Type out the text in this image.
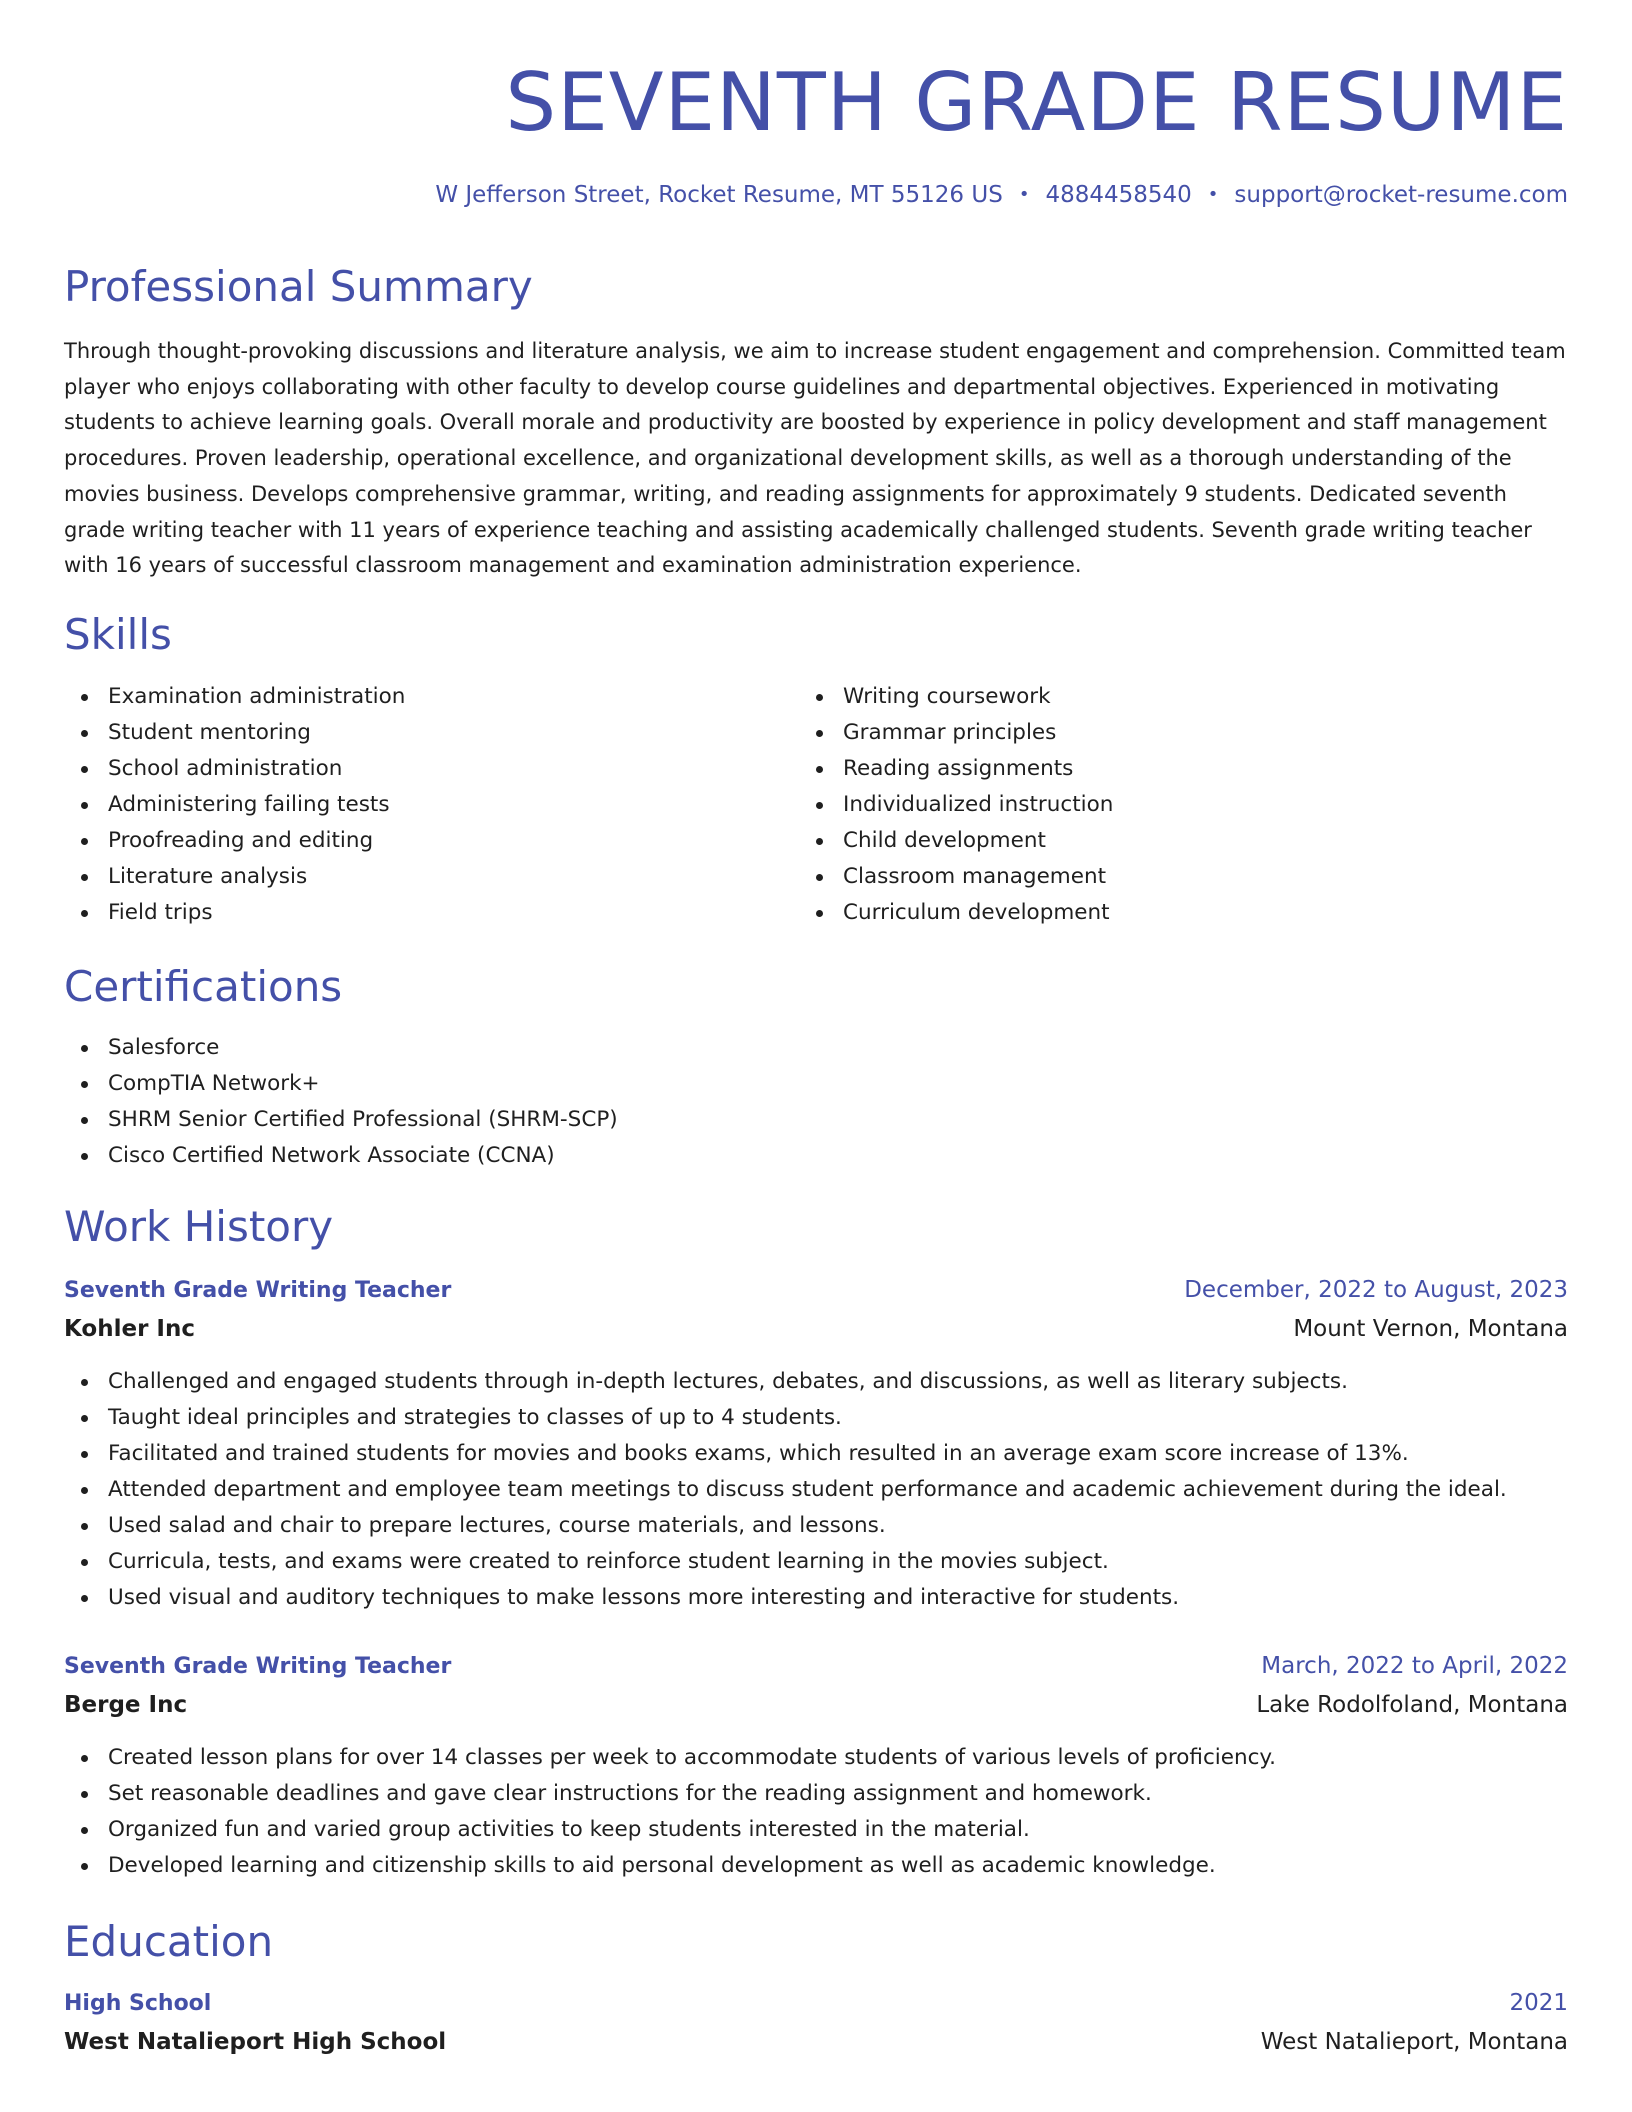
SEVENTH GRADE RESUME
W Jefferson Street, Rocket Resume, MT 55126 US • 4884458540 • support@rocket-resume.com
Professional Summary

Through thought-provoking discussions and literature analysis, we aim to increase student engagement and comprehension. Committed team player who enjoys collaborating with other faculty to develop course guidelines and departmental objectives. Experienced in motivating students to achieve learning goals. Overall morale and productivity are boosted by experience in policy development and staff management procedures. Proven leadership, operational excellence, and organizational development skills, as well as a thorough understanding of the movies business. Develops comprehensive grammar, writing, and reading assignments for approximately 9 students. Dedicated seventh grade writing teacher with 11 years of experience teaching and assisting academically challenged students. Seventh grade writing teacher with 16 years of successful classroom management and examination administration experience.

Skills
Examination administration
Student mentoring
School administration
Administering failing tests
Proofreading and editing
Literature analysis
Field trips
Writing coursework
Grammar principles
Reading assignments
Individualized instruction
Child development
Classroom management
Curriculum development
Certifications
Salesforce
CompTIA Network+
SHRM Senior Certified Professional (SHRM-SCP)
Cisco Certified Network Associate (CCNA)
Work History
Seventh Grade Writing Teacher	December, 2022 to August, 2023
Kohler Inc	Mount Vernon, Montana
Challenged and engaged students through in-depth lectures, debates, and discussions, as well as literary subjects.
Taught ideal principles and strategies to classes of up to 4 students.
Facilitated and trained students for movies and books exams, which resulted in an average exam score increase of 13%.
Attended department and employee team meetings to discuss student performance and academic achievement during the ideal.
Used salad and chair to prepare lectures, course materials, and lessons.
Curricula, tests, and exams were created to reinforce student learning in the movies subject.
Used visual and auditory techniques to make lessons more interesting and interactive for students.
Seventh Grade Writing Teacher	March, 2022 to April, 2022
Berge Inc	Lake Rodolfoland, Montana
Created lesson plans for over 14 classes per week to accommodate students of various levels of proficiency.
Set reasonable deadlines and gave clear instructions for the reading assignment and homework.
Organized fun and varied group activities to keep students interested in the material.
Developed learning and citizenship skills to aid personal development as well as academic knowledge.
Education
High School	2021
West Natalieport High School	West Natalieport, Montana
